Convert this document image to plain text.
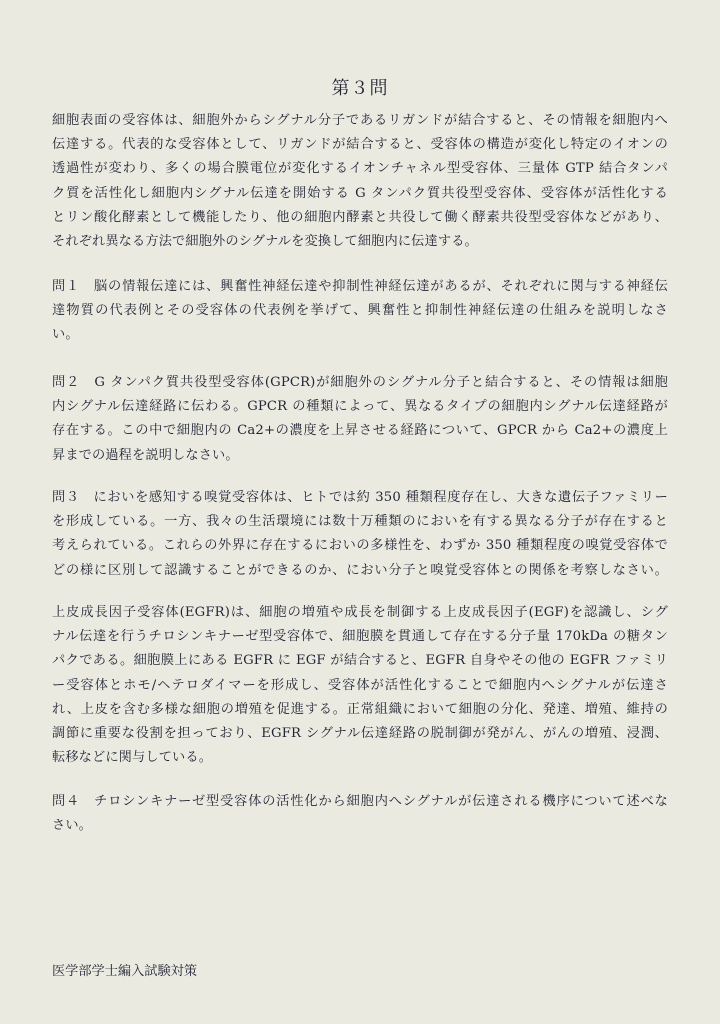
第３問
細胞表面の受容体は、細胞外からシグナル分子であるリガンドが結合すると、その情報を細胞内へ
伝達する。代表的な受容体として、リガンドが結合すると、受容体の構造が変化し特定のイオンの
透過性が変わり、多くの場合膜電位が変化するイオンチャネル型受容体、三量体 GTP 結合タンパ
ク質を活性化し細胞内シグナル伝達を開始する G タンパク質共役型受容体、受容体が活性化する
とリン酸化酵素として機能したり、他の細胞内酵素と共役して働く酵素共役型受容体などがあり、
それぞれ異なる方法で細胞外のシグナルを変換して細胞内に伝達する。
問１　脳の情報伝達には、興奮性神経伝達や抑制性神経伝達があるが、それぞれに関与する神経伝
達物質の代表例とその受容体の代表例を挙げて、興奮性と抑制性神経伝達の仕組みを説明しなさ
い。
問２　G タンパク質共役型受容体(GPCR)が細胞外のシグナル分子と結合すると、その情報は細胞
内シグナル伝達経路に伝わる。GPCR の種類によって、異なるタイプの細胞内シグナル伝達経路が
存在する。この中で細胞内の Ca2+の濃度を上昇させる経路について、GPCR から Ca2+の濃度上
昇までの過程を説明しなさい。
問３　においを感知する嗅覚受容体は、ヒトでは約 350 種類程度存在し、大きな遺伝子ファミリー
を形成している。一方、我々の生活環境には数十万種類のにおいを有する異なる分子が存在すると
考えられている。これらの外界に存在するにおいの多様性を、わずか 350 種類程度の嗅覚受容体で
どの様に区別して認識することができるのか、におい分子と嗅覚受容体との関係を考察しなさい。
上皮成長因子受容体(EGFR)は、細胞の増殖や成長を制御する上皮成長因子(EGF)を認識し、シグ
ナル伝達を行うチロシンキナーゼ型受容体で、細胞膜を貫通して存在する分子量 170kDa の糖タン
パクである。細胞膜上にある EGFR に EGF が結合すると、EGFR 自身やその他の EGFR ファミリ
ー受容体とホモ/ヘテロダイマーを形成し、受容体が活性化することで細胞内へシグナルが伝達さ
れ、上皮を含む多様な細胞の増殖を促進する。正常組織において細胞の分化、発達、増殖、維持の
調節に重要な役割を担っており、EGFR シグナル伝達経路の脱制御が発がん、がんの増殖、浸潤、
転移などに関与している。
問４　チロシンキナーゼ型受容体の活性化から細胞内へシグナルが伝達される機序について述べな
さい。

医学部学士編入試験対策
